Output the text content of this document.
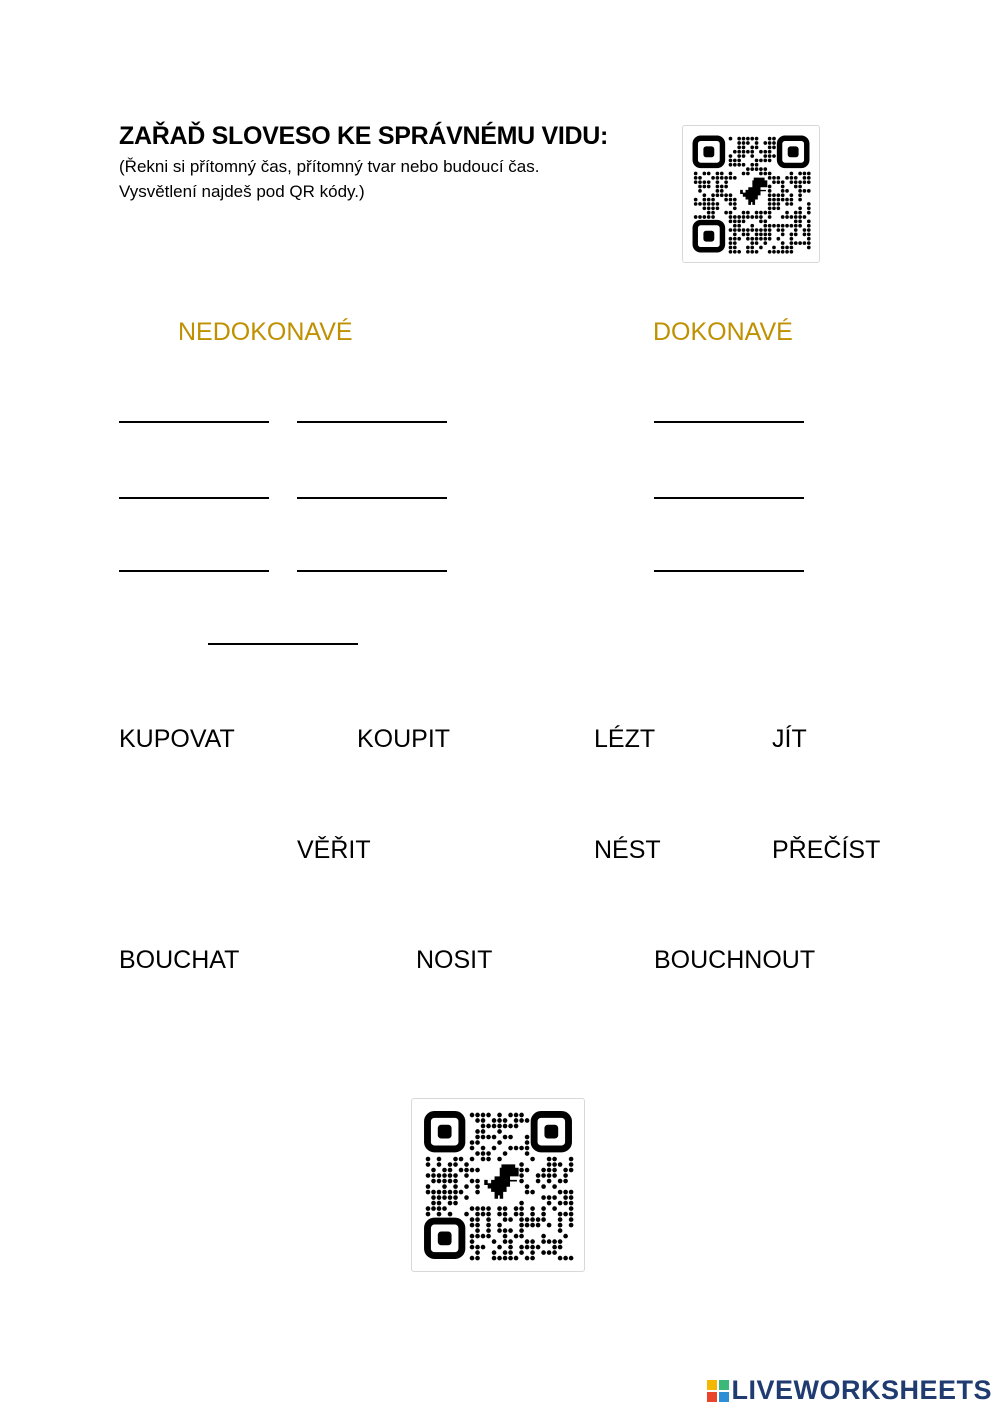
ZAŘAĎ SLOVESO KE SPRÁVNÉMU VIDU:
(Řekni si přítomný čas, přítomný tvar nebo budoucí čas.
Vysvětlení najdeš pod QR kódy.)
NEDOKONAVÉ	DOKONAVÉ
KUPOVAT	KOUPIT	LÉZT	JÍT
VĚŘIT	NÉST	PŘEČÍST
BOUCHAT	NOSIT	BOUCHNOUT
LIVEWORKSHEETS
